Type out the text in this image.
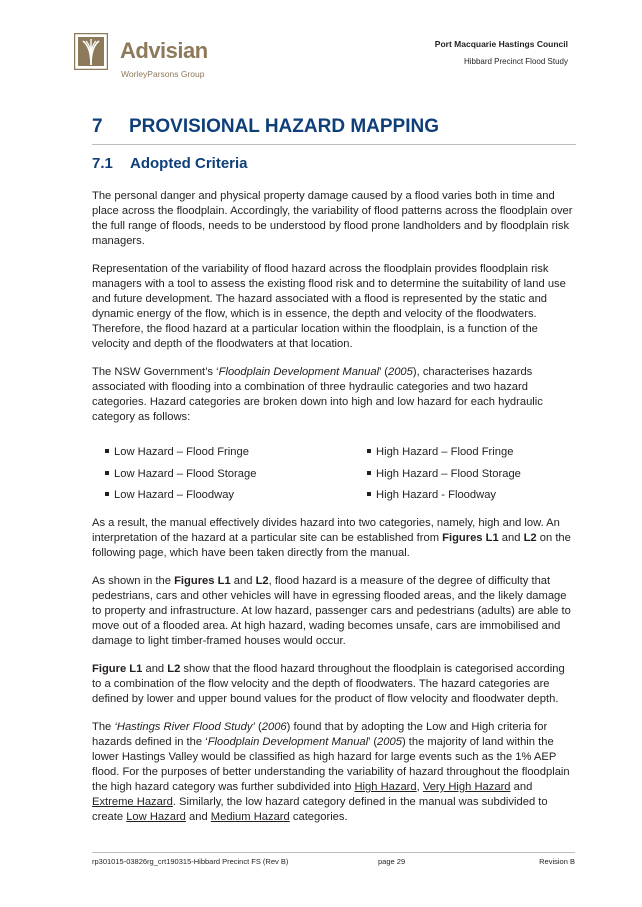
Advisian
WorleyParsons Group
Port Macquarie Hastings Council
Hibbard Precinct Flood Study
7 PROVISIONAL HAZARD MAPPING
7.1 Adopted Criteria

The personal danger and physical property damage caused by a flood varies both in time and place across the floodplain. Accordingly, the variability of flood patterns across the floodplain over the full range of floods, needs to be understood by flood prone landholders and by floodplain risk managers.

Representation of the variability of flood hazard across the floodplain provides floodplain risk managers with a tool to assess the existing flood risk and to determine the suitability of land use and future development. The hazard associated with a flood is represented by the static and dynamic energy of the flow, which is in essence, the depth and velocity of the floodwaters. Therefore, the flood hazard at a particular location within the floodplain, is a function of the velocity and depth of the floodwaters at that location.

The NSW Government’s ‘Floodplain Development Manual’ (2005), characterises hazards associated with flooding into a combination of three hydraulic categories and two hazard categories. Hazard categories are broken down into high and low hazard for each hydraulic category as follows:

Low Hazard – Flood Fringe
Low Hazard – Flood Storage
Low Hazard – Floodway
High Hazard – Flood Fringe
High Hazard – Flood Storage
High Hazard - Floodway

As a result, the manual effectively divides hazard into two categories, namely, high and low. An interpretation of the hazard at a particular site can be established from Figures L1 and L2 on the following page, which have been taken directly from the manual.

As shown in the Figures L1 and L2, flood hazard is a measure of the degree of difficulty that pedestrians, cars and other vehicles will have in egressing flooded areas, and the likely damage to property and infrastructure. At low hazard, passenger cars and pedestrians (adults) are able to move out of a flooded area. At high hazard, wading becomes unsafe, cars are immobilised and damage to light timber-framed houses would occur.

Figure L1 and L2 show that the flood hazard throughout the floodplain is categorised according to a combination of the flow velocity and the depth of floodwaters. The hazard categories are defined by lower and upper bound values for the product of flow velocity and floodwater depth.

The ‘Hastings River Flood Study’ (2006) found that by adopting the Low and High criteria for hazards defined in the ‘Floodplain Development Manual’ (2005) the majority of land within the lower Hastings Valley would be classified as high hazard for large events such as the 1% AEP flood. For the purposes of better understanding the variability of hazard throughout the floodplain the high hazard category was further subdivided into High Hazard, Very High Hazard and Extreme Hazard. Similarly, the low hazard category defined in the manual was subdivided to create Low Hazard and Medium Hazard categories.

rp301015-03826rg_crt190315-Hibbard Precinct FS (Rev B)	page 29	Revision B
